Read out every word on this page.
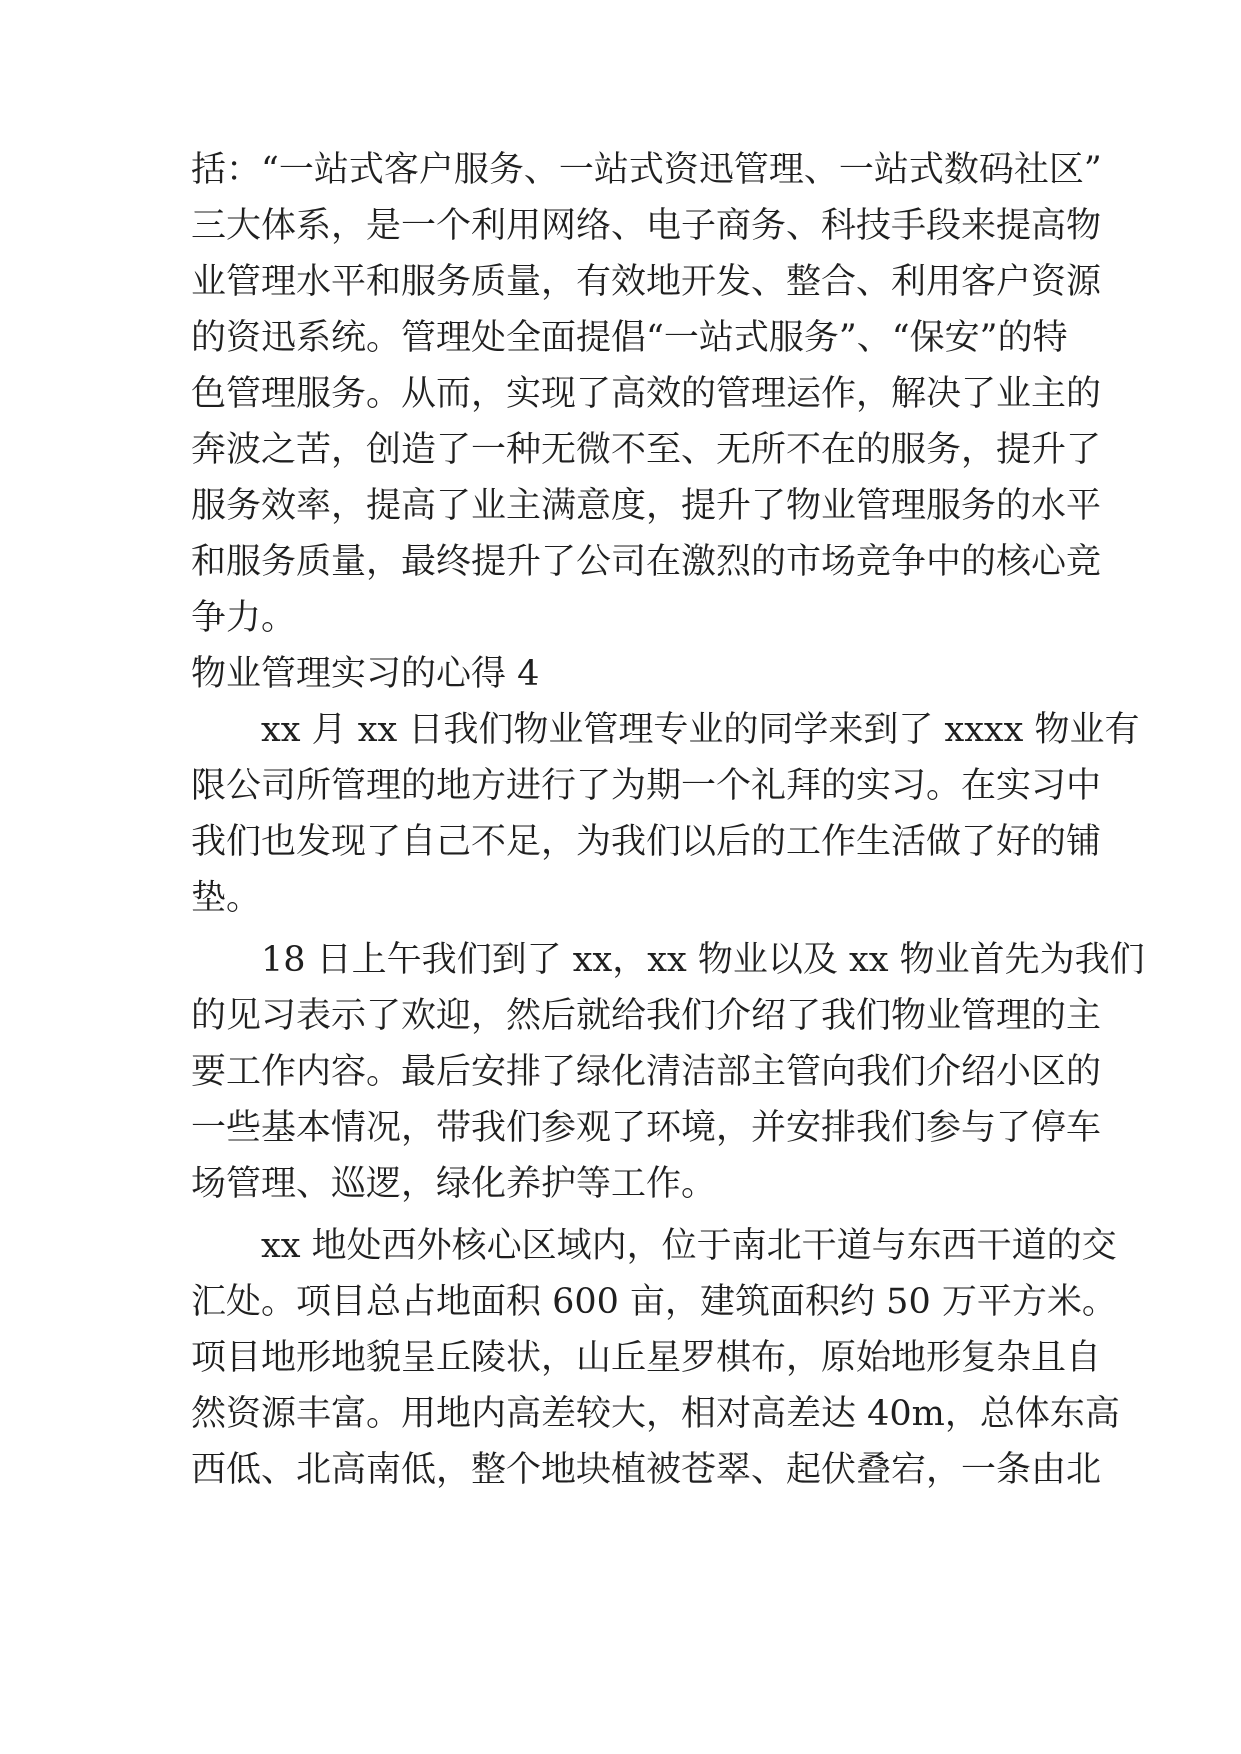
括：“一站式客户服务、一站式资迅管理、一站式数码社区”
三大体系，是一个利用网络、电子商务、科技手段来提高物
业管理水平和服务质量，有效地开发、整合、利用客户资源
的资迅系统。管理处全面提倡“一站式服务”、“保安”的特
色管理服务。从而，实现了高效的管理运作，解决了业主的
奔波之苦，创造了一种无微不至、无所不在的服务，提升了
服务效率，提高了业主满意度，提升了物业管理服务的水平
和服务质量，最终提升了公司在激烈的市场竞争中的核心竞
争力。
物业管理实习的心得 4
xx 月 xx 日我们物业管理专业的同学来到了 xxxx 物业有
限公司所管理的地方进行了为期一个礼拜的实习。在实习中
我们也发现了自己不足，为我们以后的工作生活做了好的铺
垫。
18 日上午我们到了 xx，xx 物业以及 xx 物业首先为我们
的见习表示了欢迎，然后就给我们介绍了我们物业管理的主
要工作内容。最后安排了绿化清洁部主管向我们介绍小区的
一些基本情况，带我们参观了环境，并安排我们参与了停车
场管理、巡逻，绿化养护等工作。
xx 地处西外核心区域内，位于南北干道与东西干道的交
汇处。项目总占地面积 600 亩，建筑面积约 50 万平方米。
项目地形地貌呈丘陵状，山丘星罗棋布，原始地形复杂且自
然资源丰富。用地内高差较大，相对高差达 40m，总体东高
西低、北高南低，整个地块植被苍翠、起伏叠宕，一条由北
